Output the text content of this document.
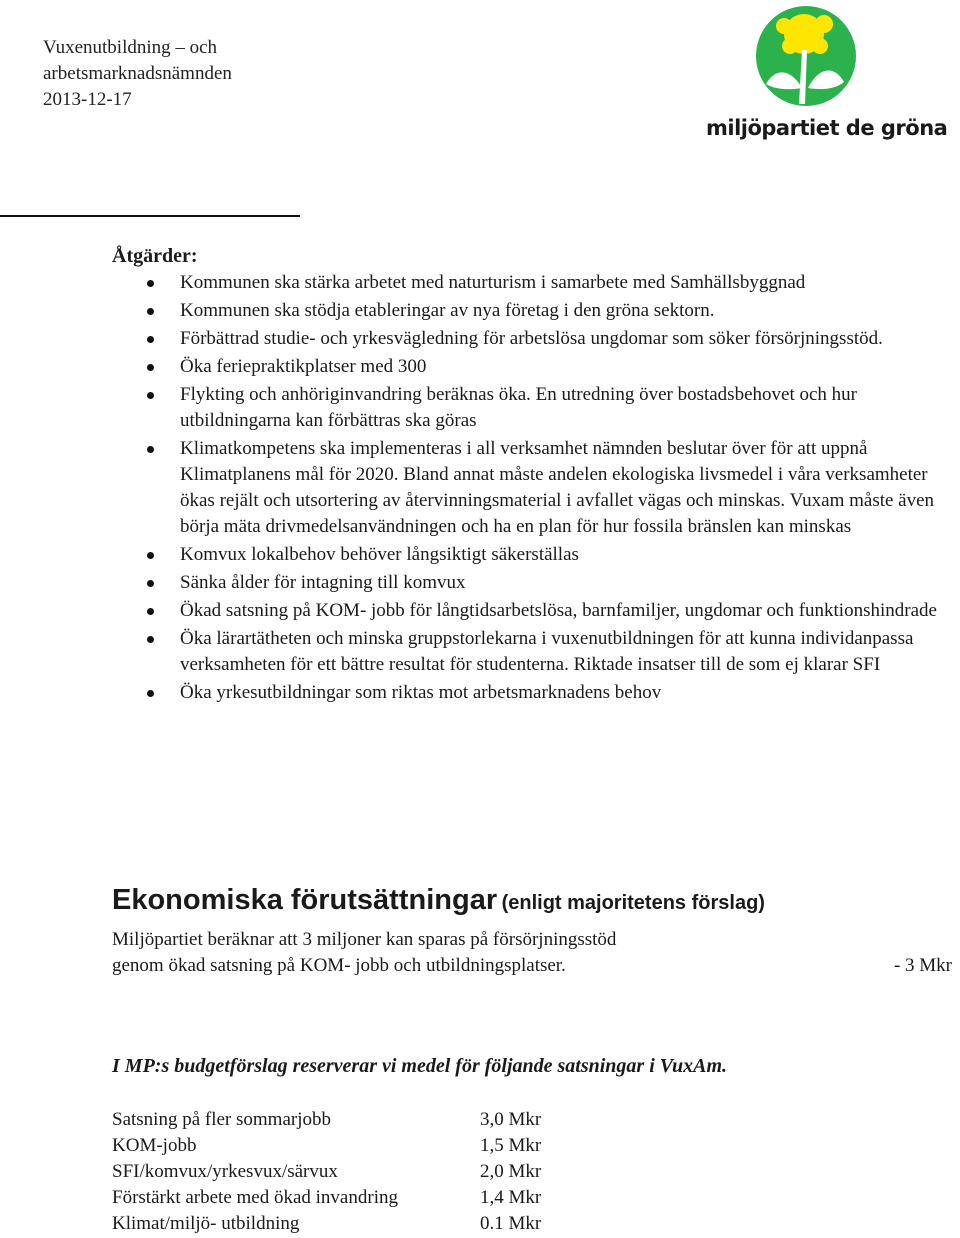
Vuxenutbildning – och
arbetsmarknadsnämnden
2013-12-17
miljöpartiet de gröna
Åtgärder:
Kommunen ska stärka arbetet med naturturism i samarbete med Samhällsbyggnad
Kommunen ska stödja etableringar av nya företag i den gröna sektorn.
Förbättrad studie- och yrkesvägledning för arbetslösa ungdomar som söker försörjningsstöd.
Öka feriepraktikplatser med 300
Flykting och anhöriginvandring beräknas öka. En utredning över bostadsbehovet och hur utbildningarna kan förbättras ska göras
Klimatkompetens ska implementeras i all verksamhet nämnden beslutar över för att uppnå Klimatplanens mål för 2020. Bland annat måste andelen ekologiska livsmedel i våra verksamheter ökas rejält och utsortering av återvinningsmaterial i avfallet vägas och minskas. Vuxam måste även börja mäta drivmedelsanvändningen och ha en plan för hur fossila bränslen kan minskas
Komvux lokalbehov behöver långsiktigt säkerställas
Sänka ålder för intagning till komvux
Ökad satsning på KOM- jobb för långtidsarbetslösa, barnfamiljer, ungdomar och funktionshindrade
Öka lärartätheten och minska gruppstorlekarna i vuxenutbildningen för att kunna individanpassa verksamheten för ett bättre resultat för studenterna. Riktade insatser till de som ej klarar SFI
Öka yrkesutbildningar som riktas mot arbetsmarknadens behov
Ekonomiska förutsättningar (enligt majoritetens förslag)
Miljöpartiet beräknar att 3 miljoner kan sparas på försörjningsstöd
genom ökad satsning på KOM- jobb och utbildningsplatser.	- 3 Mkr
I MP:s budgetförslag reserverar vi medel för följande satsningar i VuxAm.
Satsning på fler sommarjobb	3,0 Mkr
KOM-jobb	1,5 Mkr
SFI/komvux/yrkesvux/särvux	2,0 Mkr
Förstärkt arbete med ökad invandring	1,4 Mkr
Klimat/miljö- utbildning	0.1 Mkr
